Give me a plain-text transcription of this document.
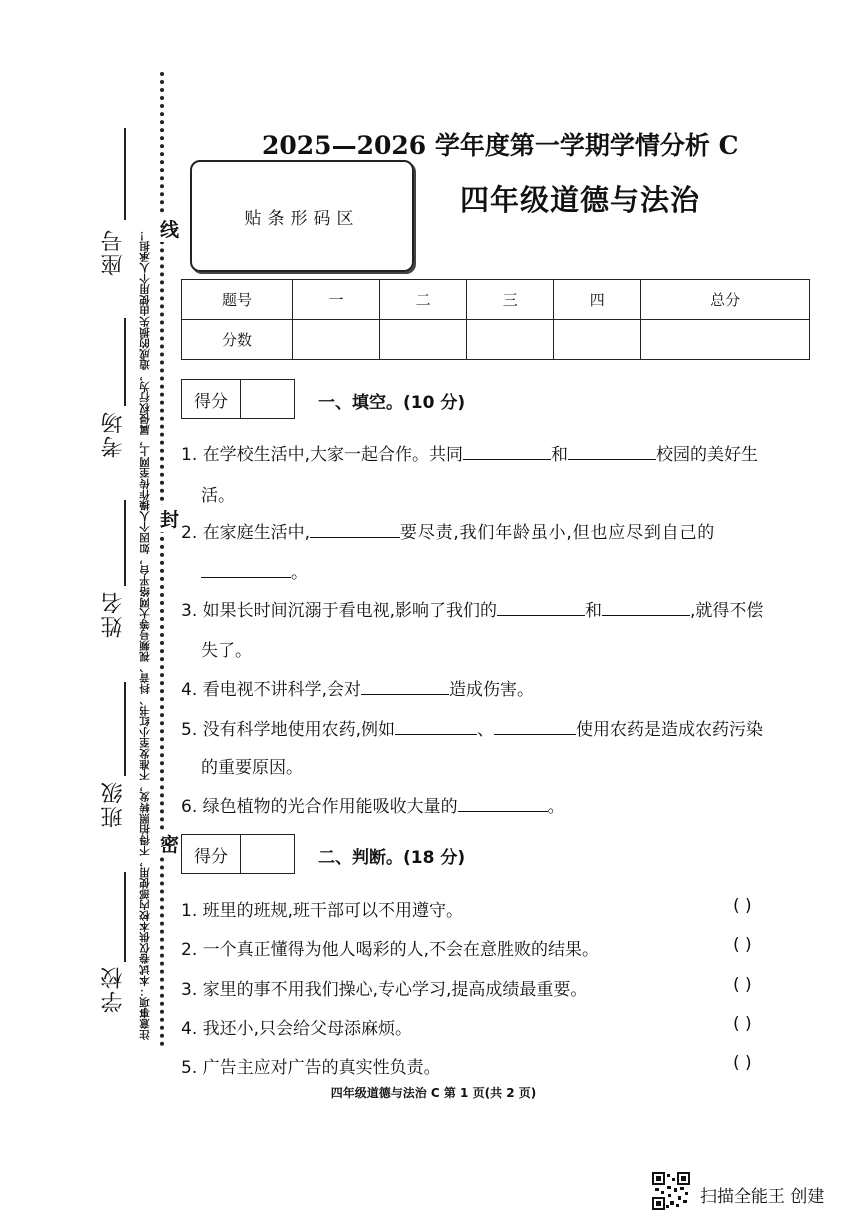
座号
考场
姓名
班级
学校 注意事项：本试卷仅供本校内部使用，不得拍照转发，不准发至小红书、抖音、视频号等大网络平台，如因个人操作传至网上，属侵权行为，造成的损失由使用个人承担！ 线
封
密
2025—2026 学年度第一学期学情分析 C
贴条形码区
四年级道德与法治
题号	一	二	三	四	总分
分数					
得分	一、填空。(10 分)
1. 在学校生活中,大家一起合作。共同	和	校园的美好生
活。
2. 在家庭生活中,	要尽责,我们年龄虽小,但也应尽到自己的
。
3. 如果长时间沉溺于看电视,影响了我们的	和	,就得不偿
失了。
4. 看电视不讲科学,会对	造成伤害。
5. 没有科学地使用农药,例如	、	使用农药是造成农药污染
的重要原因。
6. 绿色植物的光合作用能吸收大量的	。
得分	二、判断。(18 分)
1. 班里的班规,班干部可以不用遵守。	( )
2. 一个真正懂得为他人喝彩的人,不会在意胜败的结果。	( )
3. 家里的事不用我们操心,专心学习,提高成绩最重要。	( )
4. 我还小,只会给父母添麻烦。	( )
5. 广告主应对广告的真实性负责。	( )
四年级道德与法治 C 第 1 页(共 2 页)
扫描全能王 创建
